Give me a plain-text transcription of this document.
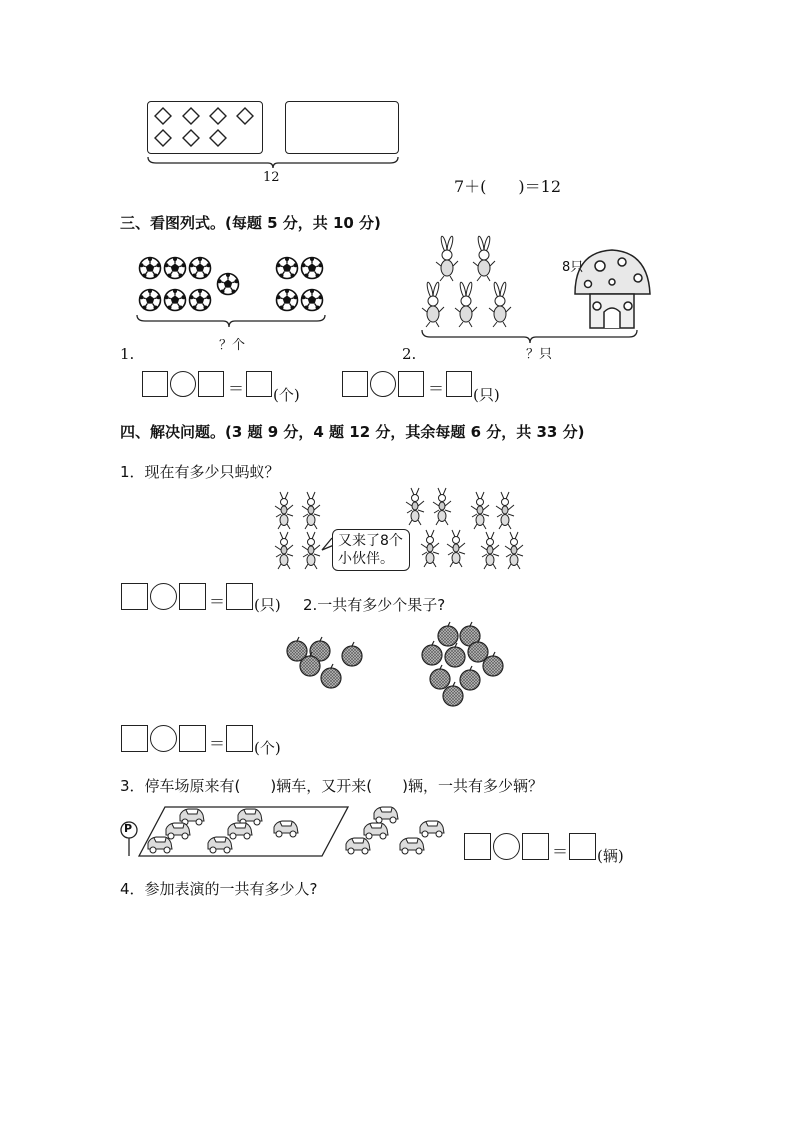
12	7＋(　　)＝12
三、看图列式。(每题 5 分，共 10 分)
1.	？个	2.
8只
？只
＝ (个)	＝ (只)
四、解决问题。(3 题 9 分，4 题 12 分，其余每题 6 分，共 33 分)
1．现在有多少只蚂蚁？
又来了8个
小伙伴。
＝ (只) 2.一共有多少个果子?
＝ (个)
3．停车场原来有(　　)辆车，又开来(　　)辆，一共有多少辆？
P
＝ (辆)
4．参加表演的一共有多少人?
